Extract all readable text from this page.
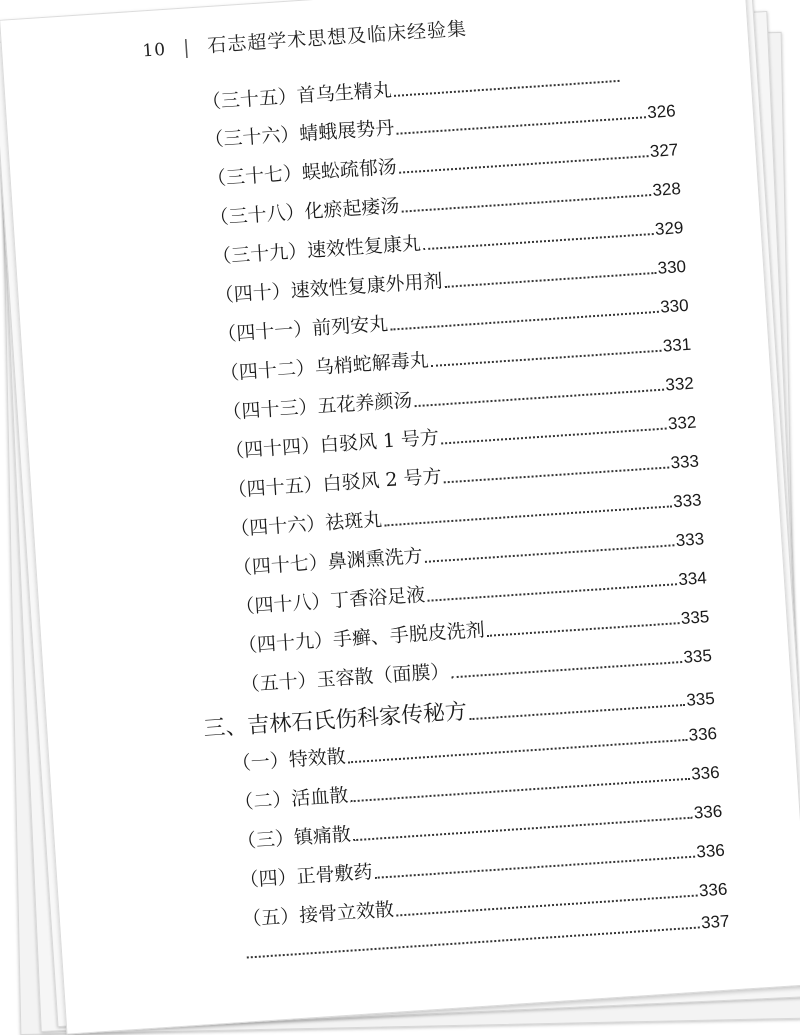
10 | 石志超学术思想及临床经验集
（三十五）首乌生精丸
（三十六）蜻蛾展势丹
326
（三十七）蜈蚣疏郁汤
327
（三十八）化瘀起痿汤
328
（三十九）速效性复康丸
329
（四十）速效性复康外用剂
330
（四十一）前列安丸
330
（四十二）乌梢蛇解毒丸
331
（四十三）五花养颜汤
332
（四十四）白驳风 1 号方
332
（四十五）白驳风 2 号方
333
（四十六）祛斑丸
333
（四十七）鼻渊熏洗方
333
（四十八）丁香浴足液
334
（四十九）手癣、手脱皮洗剂
335
（五十）玉容散（面膜）
335
三、吉林石氏伤科家传秘方
335
（一）特效散
336
（二）活血散
336
（三）镇痛散
336
（四）正骨敷药
336
（五）接骨立效散
336
337
